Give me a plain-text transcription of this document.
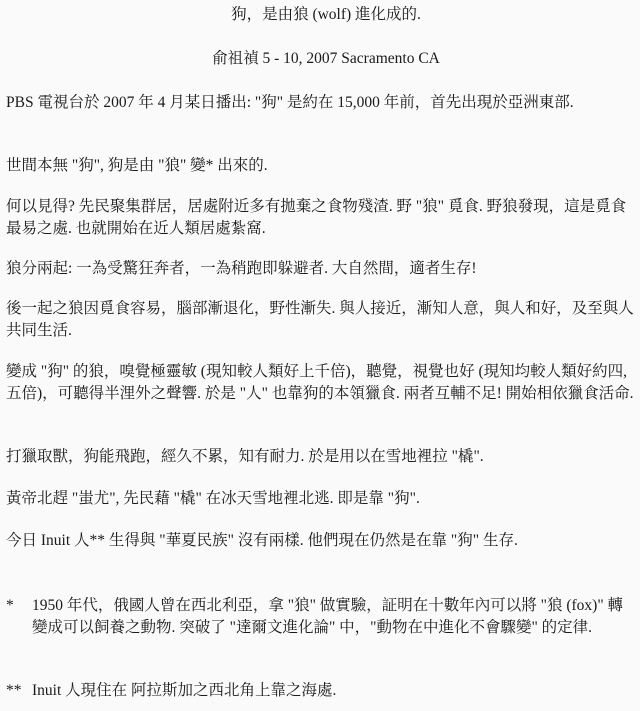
狗，是由狼 (wolf) 進化成的.
俞祖禎 5 - 10, 2007 Sacramento CA

PBS 電視台於 2007 年 4 月某日播出: "狗" 是約在 15,000 年前，首先出現於亞洲東部.

世間本無 "狗", 狗是由 "狼" 變* 出來的.

何以見得? 先民聚集群居，居處附近多有拋棄之食物殘渣. 野 "狼" 覓食. 野狼發現，這是覓食最易之處. 也就開始在近人類居處紮窩.

狼分兩起: 一為受驚狂奔者，一為稍跑即躲避者. 大自然間，適者生存!

後一起之狼因覓食容易，腦部漸退化，野性漸失. 與人接近，漸知人意，與人和好，及至與人共同生活.

變成 "狗" 的狼，嗅覺極靈敏 (現知較人類好上千倍)，聽覺，視覺也好 (現知均較人類好約四,五倍)，可聽得半浬外之聲響. 於是 "人" 也靠狗的本領獵食. 兩者互輔不足! 開始相依獵食活命.

打獵取獸，狗能飛跑，經久不累，知有耐力. 於是用以在雪地裡拉 "橇".

黃帝北趕 "蚩尤", 先民藉 "橇" 在冰天雪地裡北逃. 即是靠 "狗".

今日 Inuit 人** 生得與 "華夏民族" 沒有兩樣. 他們現在仍然是在靠 "狗" 生存.

* 1950 年代，俄國人曾在西北利亞，拿 "狼" 做實驗，証明在十數年內可以將 "狼 (fox)" 轉變成可以飼養之動物. 突破了 "達爾文進化論" 中，"動物在中進化不會驟變" 的定律.
** Inuit 人現住在 阿拉斯加之西北角上靠之海處.
